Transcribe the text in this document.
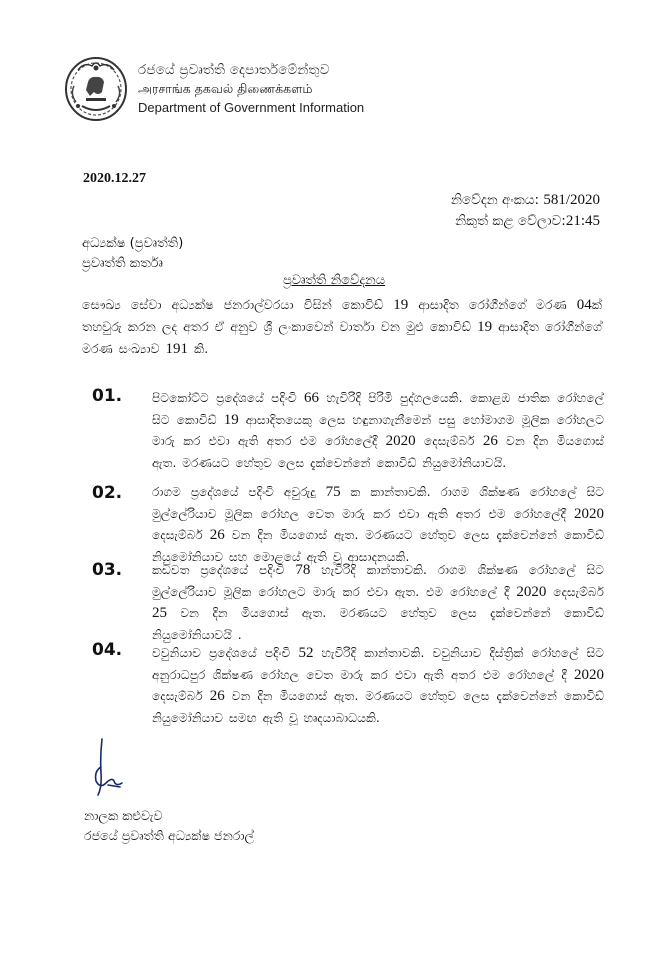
රජයේ ප්‍රවෘත්ති දෙපාර්තමේන්තුව
அரசாங்க தகவல் திணைக்களம்
Department of Government Information
2020.12.27
නිවේදන අංකය: 581/2020
නිකුත් කළ වේලාව:21:45
අධ්‍යක්ෂ (ප්‍රවෘත්ති)
ප්‍රවෘත්ති කර්තෘ
ප්‍රවෘත්ති නිවේදනය
සෞඛ්‍ය සේවා අධ්‍යක්ෂ ජනරාල්වරයා විසින් කොවිඩ් 19 ආසාදිත රෝගීන්ගේ මරණ 04ක් තහවුරු කරන ලද අතර ඒ අනුව ශ්‍රී ලංකාවෙන් වාර්තා වන මුළු කොවිඩ් 19 ආසාදිත රෝගීන්ගේ මරණ සංඛ්‍යාව 191 කි.
01. පිටකෝට්ට ප්‍රදේශයේ පදිංචි 66 හැවිරිදි පිරිමි පුද්ගලයෙකි. කොළඹ ජාතික රෝහලේ සිට කොවිඩ් 19 ආසාදිතයෙකු ලෙස හඳුනාගැනීමෙන් පසු හෝමාගම මූලික රෝහලට මාරු කර එවා ඇති අතර එම රෝහලේදී 2020 දෙසැම්බර් 26 වන දින මියගොස් ඇත. මරණයට හේතුව ලෙස දැක්වෙන්නේ කොවිඩ් නියුමෝනියාවයි.
02. රාගම ප්‍රදේශයේ පදිංචි අවුරුදු 75 ක කාන්තාවකි. රාගම ශික්ෂණ රෝහලේ සිට මුල්ලේරියාව මූලික රෝහල වෙත මාරු කර එවා ඇති අතර එම රෝහලේදී 2020 දෙසැම්බර් 26 වන දින මියගොස් ඇත. මරණයට හේතුව ලෙස දැක්වෙන්නේ කොවිඩ් නියුමෝනියාව සහ මොළයේ ඇති වූ ආසාදනයකි.
03. කඩවත ප්‍රදේශයේ පදිංචි 78 හැවිරිදි කාන්තාවකි. රාගම ශික්ෂණ රෝහලේ සිට මුල්ලේරියාව මූලික රෝහලට මාරු කර එවා ඇත. එම රෝහලේ දී 2020 දෙසැම්බර් 25 වන දින මියගොස් ඇත. මරණයට හේතුව ලෙස දැක්වෙන්නේ කොවිඩ් නියුමෝනියාවයි .
04. වවුනියාව ප්‍රදේශයේ පදිංචි 52 හැවිරිදි කාන්තාවකි. වවුනියාව දිස්ත්‍රික් රෝහලේ සිට අනුරාධපුර ශික්ෂණ රෝහල වෙත මාරු කර එවා ඇති අතර එම රෝහලේ දී 2020 දෙසැම්බර් 26 වන දින මියගොස් ඇත. මරණයට හේතුව ලෙස දැක්වෙන්නේ කොවිඩ් නියුමෝනියාව සමඟ ඇති වූ හෘදයාබාධයකි.
නාලක කළුවැව
රජයේ ප්‍රවෘත්ති අධ්‍යක්ෂ ජනරාල්
